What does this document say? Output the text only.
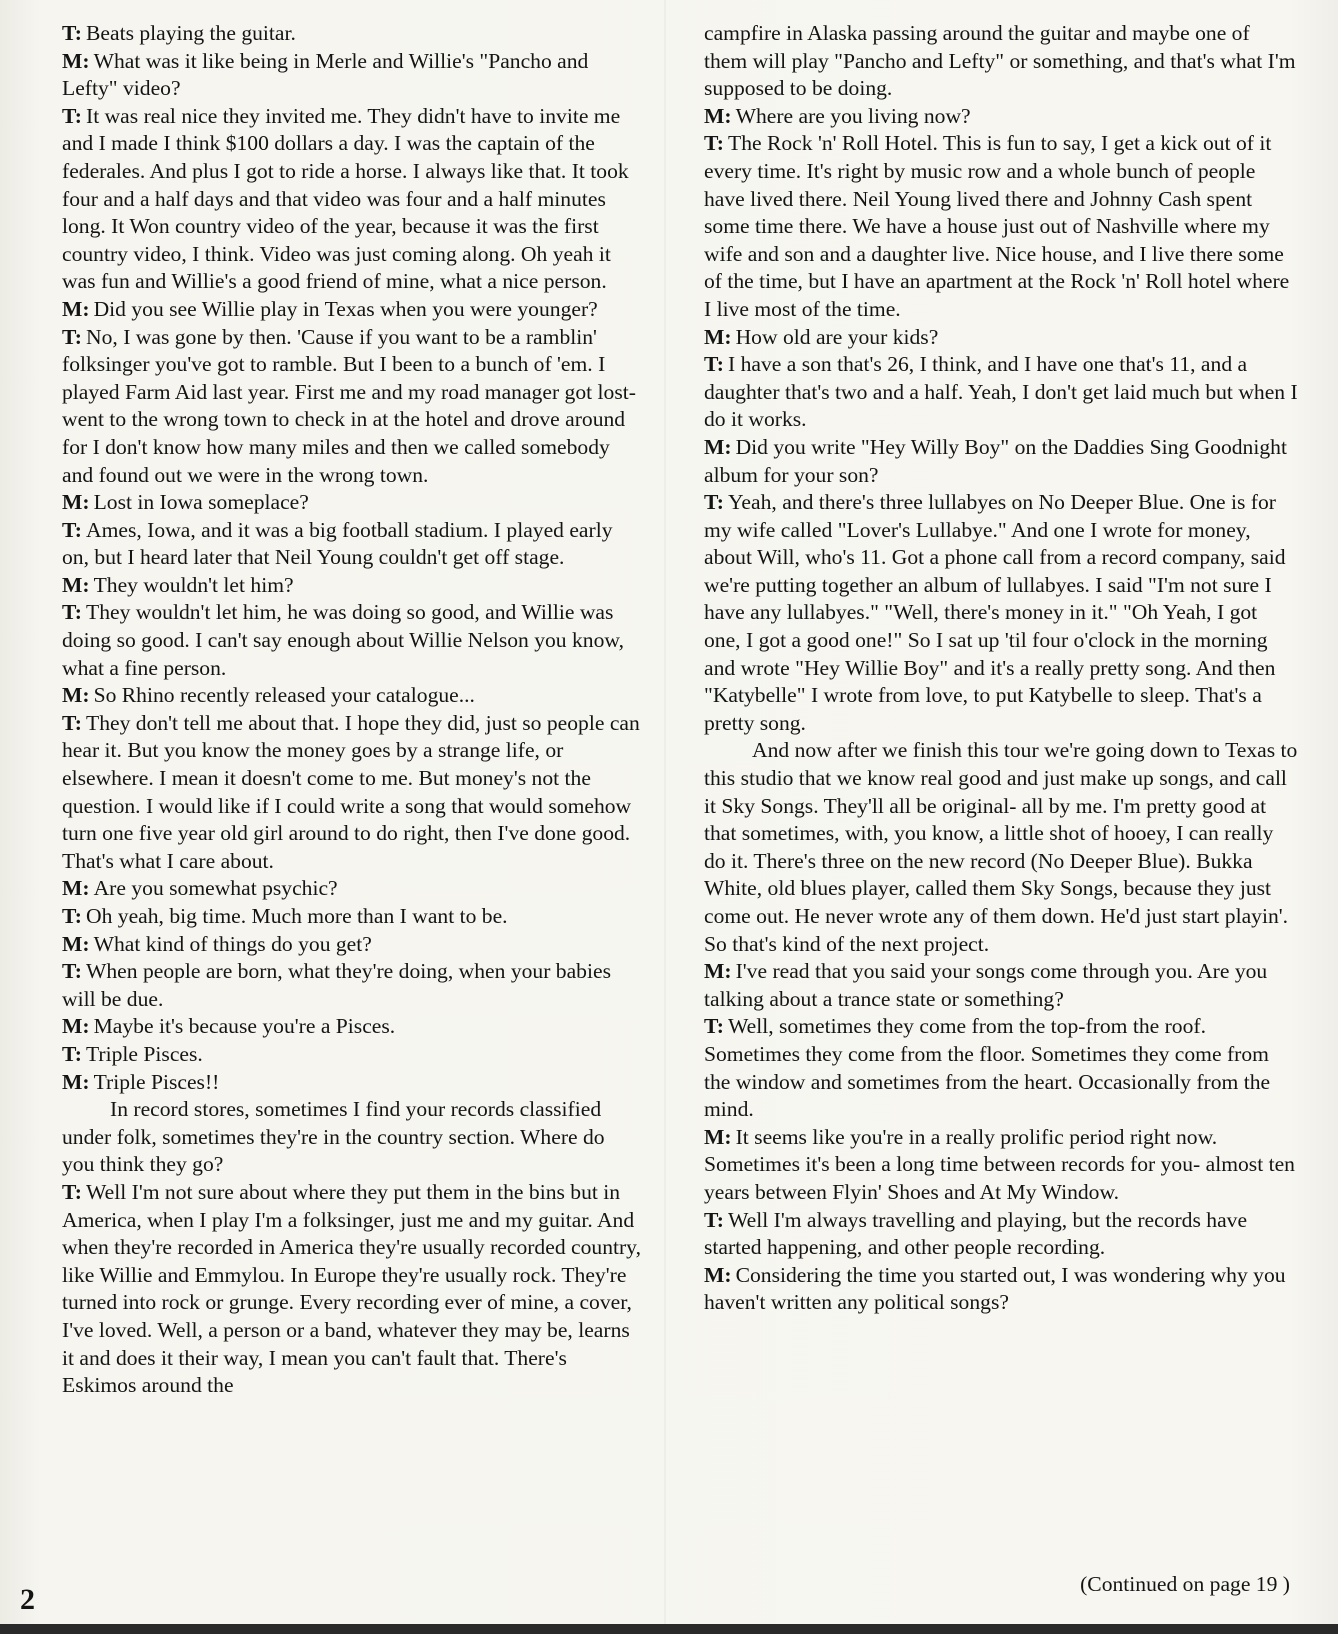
T: Beats playing the guitar.

M: What was it like being in Merle and Willie's "Pancho and Lefty" video?

T: It was real nice they invited me. They didn't have to invite me and I made I think $100 dollars a day. I was the captain of the federales. And plus I got to ride a horse. I always like that. It took four and a half days and that video was four and a half minutes long. It Won country video of the year, because it was the first country video, I think. Video was just coming along. Oh yeah it was fun and Willie's a good friend of mine, what a nice person.

M: Did you see Willie play in Texas when you were younger?

T: No, I was gone by then. 'Cause if you want to be a ramblin' folksinger you've got to ramble. But I been to a bunch of 'em. I played Farm Aid last year. First me and my road manager got lost-went to the wrong town to check in at the hotel and drove around for I don't know how many miles and then we called somebody and found out we were in the wrong town.

M: Lost in Iowa someplace?

T: Ames, Iowa, and it was a big football stadium. I played early on, but I heard later that Neil Young couldn't get off stage.

M: They wouldn't let him?

T: They wouldn't let him, he was doing so good, and Willie was doing so good. I can't say enough about Willie Nelson you know, what a fine person.

M: So Rhino recently released your catalogue...

T: They don't tell me about that. I hope they did, just so people can hear it. But you know the money goes by a strange life, or elsewhere. I mean it doesn't come to me. But money's not the question. I would like if I could write a song that would somehow turn one five year old girl around to do right, then I've done good. That's what I care about.

M: Are you somewhat psychic?

T: Oh yeah, big time. Much more than I want to be.

M: What kind of things do you get?

T: When people are born, what they're doing, when your babies will be due.

M: Maybe it's because you're a Pisces.

T: Triple Pisces.

M: Triple Pisces!!

In record stores, sometimes I find your records classified under folk, sometimes they're in the country section. Where do you think they go?

T: Well I'm not sure about where they put them in the bins but in America, when I play I'm a folksinger, just me and my guitar. And when they're recorded in America they're usually recorded country, like Willie and Emmylou. In Europe they're usually rock. They're turned into rock or grunge. Every recording ever of mine, a cover, I've loved. Well, a person or a band, whatever they may be, learns it and does it their way, I mean you can't fault that. There's Eskimos around the

campfire in Alaska passing around the guitar and maybe one of them will play "Pancho and Lefty" or something, and that's what I'm supposed to be doing.

M: Where are you living now?

T: The Rock 'n' Roll Hotel. This is fun to say, I get a kick out of it every time. It's right by music row and a whole bunch of people have lived there. Neil Young lived there and Johnny Cash spent some time there. We have a house just out of Nashville where my wife and son and a daughter live. Nice house, and I live there some of the time, but I have an apartment at the Rock 'n' Roll hotel where I live most of the time.

M: How old are your kids?

T: I have a son that's 26, I think, and I have one that's 11, and a daughter that's two and a half. Yeah, I don't get laid much but when I do it works.

M: Did you write "Hey Willy Boy" on the Daddies Sing Goodnight album for your son?

T: Yeah, and there's three lullabyes on No Deeper Blue. One is for my wife called "Lover's Lullabye." And one I wrote for money, about Will, who's 11. Got a phone call from a record company, said we're putting together an album of lullabyes. I said "I'm not sure I have any lullabyes." "Well, there's money in it." "Oh Yeah, I got one, I got a good one!" So I sat up 'til four o'clock in the morning and wrote "Hey Willie Boy" and it's a really pretty song. And then "Katybelle" I wrote from love, to put Katybelle to sleep. That's a pretty song.

And now after we finish this tour we're going down to Texas to this studio that we know real good and just make up songs, and call it Sky Songs. They'll all be original- all by me. I'm pretty good at that sometimes, with, you know, a little shot of hooey, I can really do it. There's three on the new record (No Deeper Blue). Bukka White, old blues player, called them Sky Songs, because they just come out. He never wrote any of them down. He'd just start playin'. So that's kind of the next project.

M: I've read that you said your songs come through you. Are you talking about a trance state or something?

T: Well, sometimes they come from the top-from the roof. Sometimes they come from the floor. Sometimes they come from the window and sometimes from the heart. Occasionally from the mind.

M: It seems like you're in a really prolific period right now. Sometimes it's been a long time between records for you- almost ten years between Flyin' Shoes and At My Window.

T: Well I'm always travelling and playing, but the records have started happening, and other people recording.

M: Considering the time you started out, I was wondering why you haven't written any political songs?

(Continued on page 19 )
2
